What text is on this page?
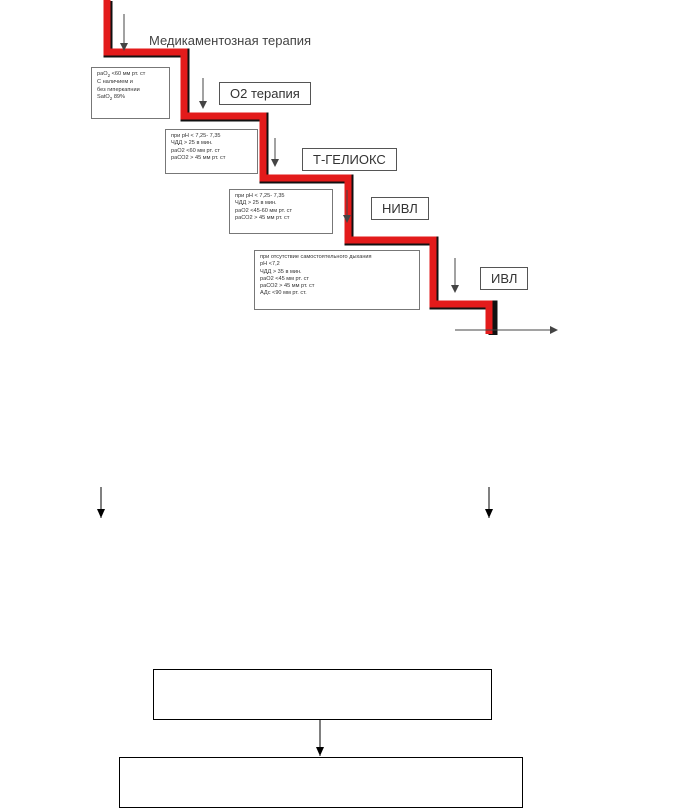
Медикаментозная терапия
О2 терапия
Т-ГЕЛИОКС
НИВЛ
ИВЛ
раО$_2$ <60 мм рт. ст
С наличием и
без гиперкапнии
SatO$_2$ 89%
при pH < 7,25- 7,35
ЧДД > 25 в мин.
раО2 <60 мм рт. ст
раСО2 > 45 мм рт. ст
при pH < 7,25- 7,35
ЧДД > 25 в мин.
раО2 <45-60 мм рт. ст
раСО2 > 45 мм рт. ст
при отсутствие самостоятельного дыхания
pH <7,2
ЧДД > 35 в мин.
раО2 <45 мм рт. ст
раСО2 > 45 мм рт. ст
АДс <90 мм рт. ст.
